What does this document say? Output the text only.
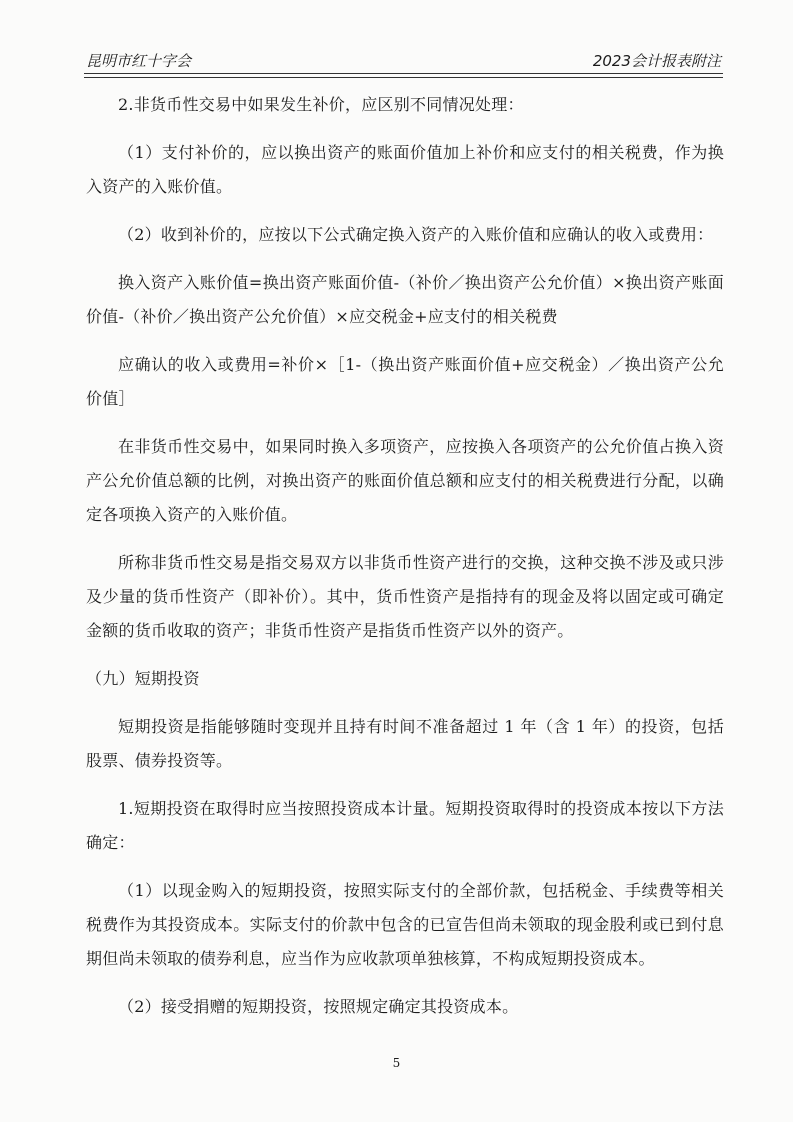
昆明市红十字会	2023会计报表附注

2.非货币性交易中如果发生补价，应区别不同情况处理：

（1）支付补价的，应以换出资产的账面价值加上补价和应支付的相关税费，作为换入资产的入账价值。

（2）收到补价的，应按以下公式确定换入资产的入账价值和应确认的收入或费用：

换入资产入账价值=换出资产账面价值-（补价／换出资产公允价值）×换出资产账面价值-（补价／换出资产公允价值）×应交税金+应支付的相关税费

应确认的收入或费用=补价×［1-（换出资产账面价值+应交税金）／换出资产公允价值］

在非货币性交易中，如果同时换入多项资产，应按换入各项资产的公允价值占换入资产公允价值总额的比例，对换出资产的账面价值总额和应支付的相关税费进行分配，以确定各项换入资产的入账价值。

所称非货币性交易是指交易双方以非货币性资产进行的交换，这种交换不涉及或只涉及少量的货币性资产（即补价）。其中，货币性资产是指持有的现金及将以固定或可确定金额的货币收取的资产；非货币性资产是指货币性资产以外的资产。

（九）短期投资

短期投资是指能够随时变现并且持有时间不准备超过 1 年（含 1 年）的投资，包括股票、债券投资等。

1.短期投资在取得时应当按照投资成本计量。短期投资取得时的投资成本按以下方法确定：

（1）以现金购入的短期投资，按照实际支付的全部价款，包括税金、手续费等相关税费作为其投资成本。实际支付的价款中包含的已宣告但尚未领取的现金股利或已到付息期但尚未领取的债券利息，应当作为应收款项单独核算，不构成短期投资成本。

（2）接受捐赠的短期投资，按照规定确定其投资成本。

5
